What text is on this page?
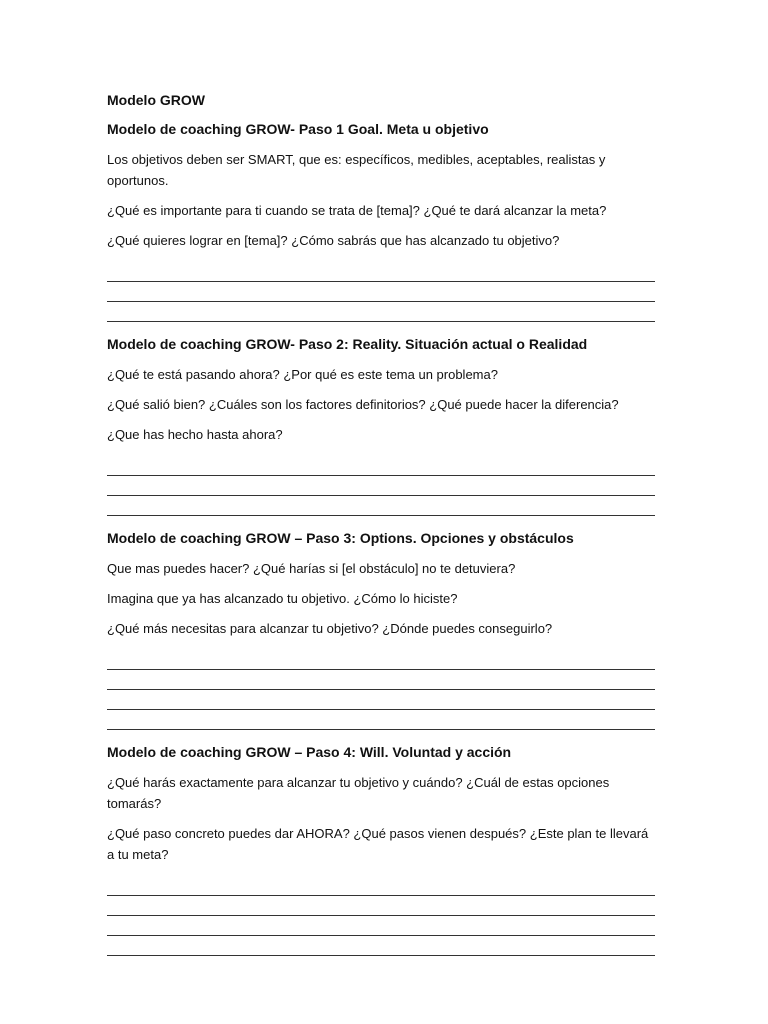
Modelo GROW
Modelo de coaching GROW- Paso 1 Goal. Meta u objetivo
Los objetivos deben ser SMART, que es: específicos, medibles, aceptables, realistas y oportunos.
¿Qué es importante para ti cuando se trata de [tema]? ¿Qué te dará alcanzar la meta?
¿Qué quieres lograr en [tema]? ¿Cómo sabrás que has alcanzado tu objetivo?
Modelo de coaching GROW- Paso 2: Reality. Situación actual o Realidad
¿Qué te está pasando ahora? ¿Por qué es este tema un problema?
¿Qué salió bien? ¿Cuáles son los factores definitorios? ¿Qué puede hacer la diferencia?
¿Que has hecho hasta ahora?
Modelo de coaching GROW – Paso 3: Options. Opciones y obstáculos
Que mas puedes hacer? ¿Qué harías si [el obstáculo] no te detuviera?
Imagina que ya has alcanzado tu objetivo. ¿Cómo lo hiciste?
¿Qué más necesitas para alcanzar tu objetivo? ¿Dónde puedes conseguirlo?
Modelo de coaching GROW – Paso 4: Will. Voluntad y acción
¿Qué harás exactamente para alcanzar tu objetivo y cuándo? ¿Cuál de estas opciones tomarás?
¿Qué paso concreto puedes dar AHORA? ¿Qué pasos vienen después? ¿Este plan te llevará a tu meta?
